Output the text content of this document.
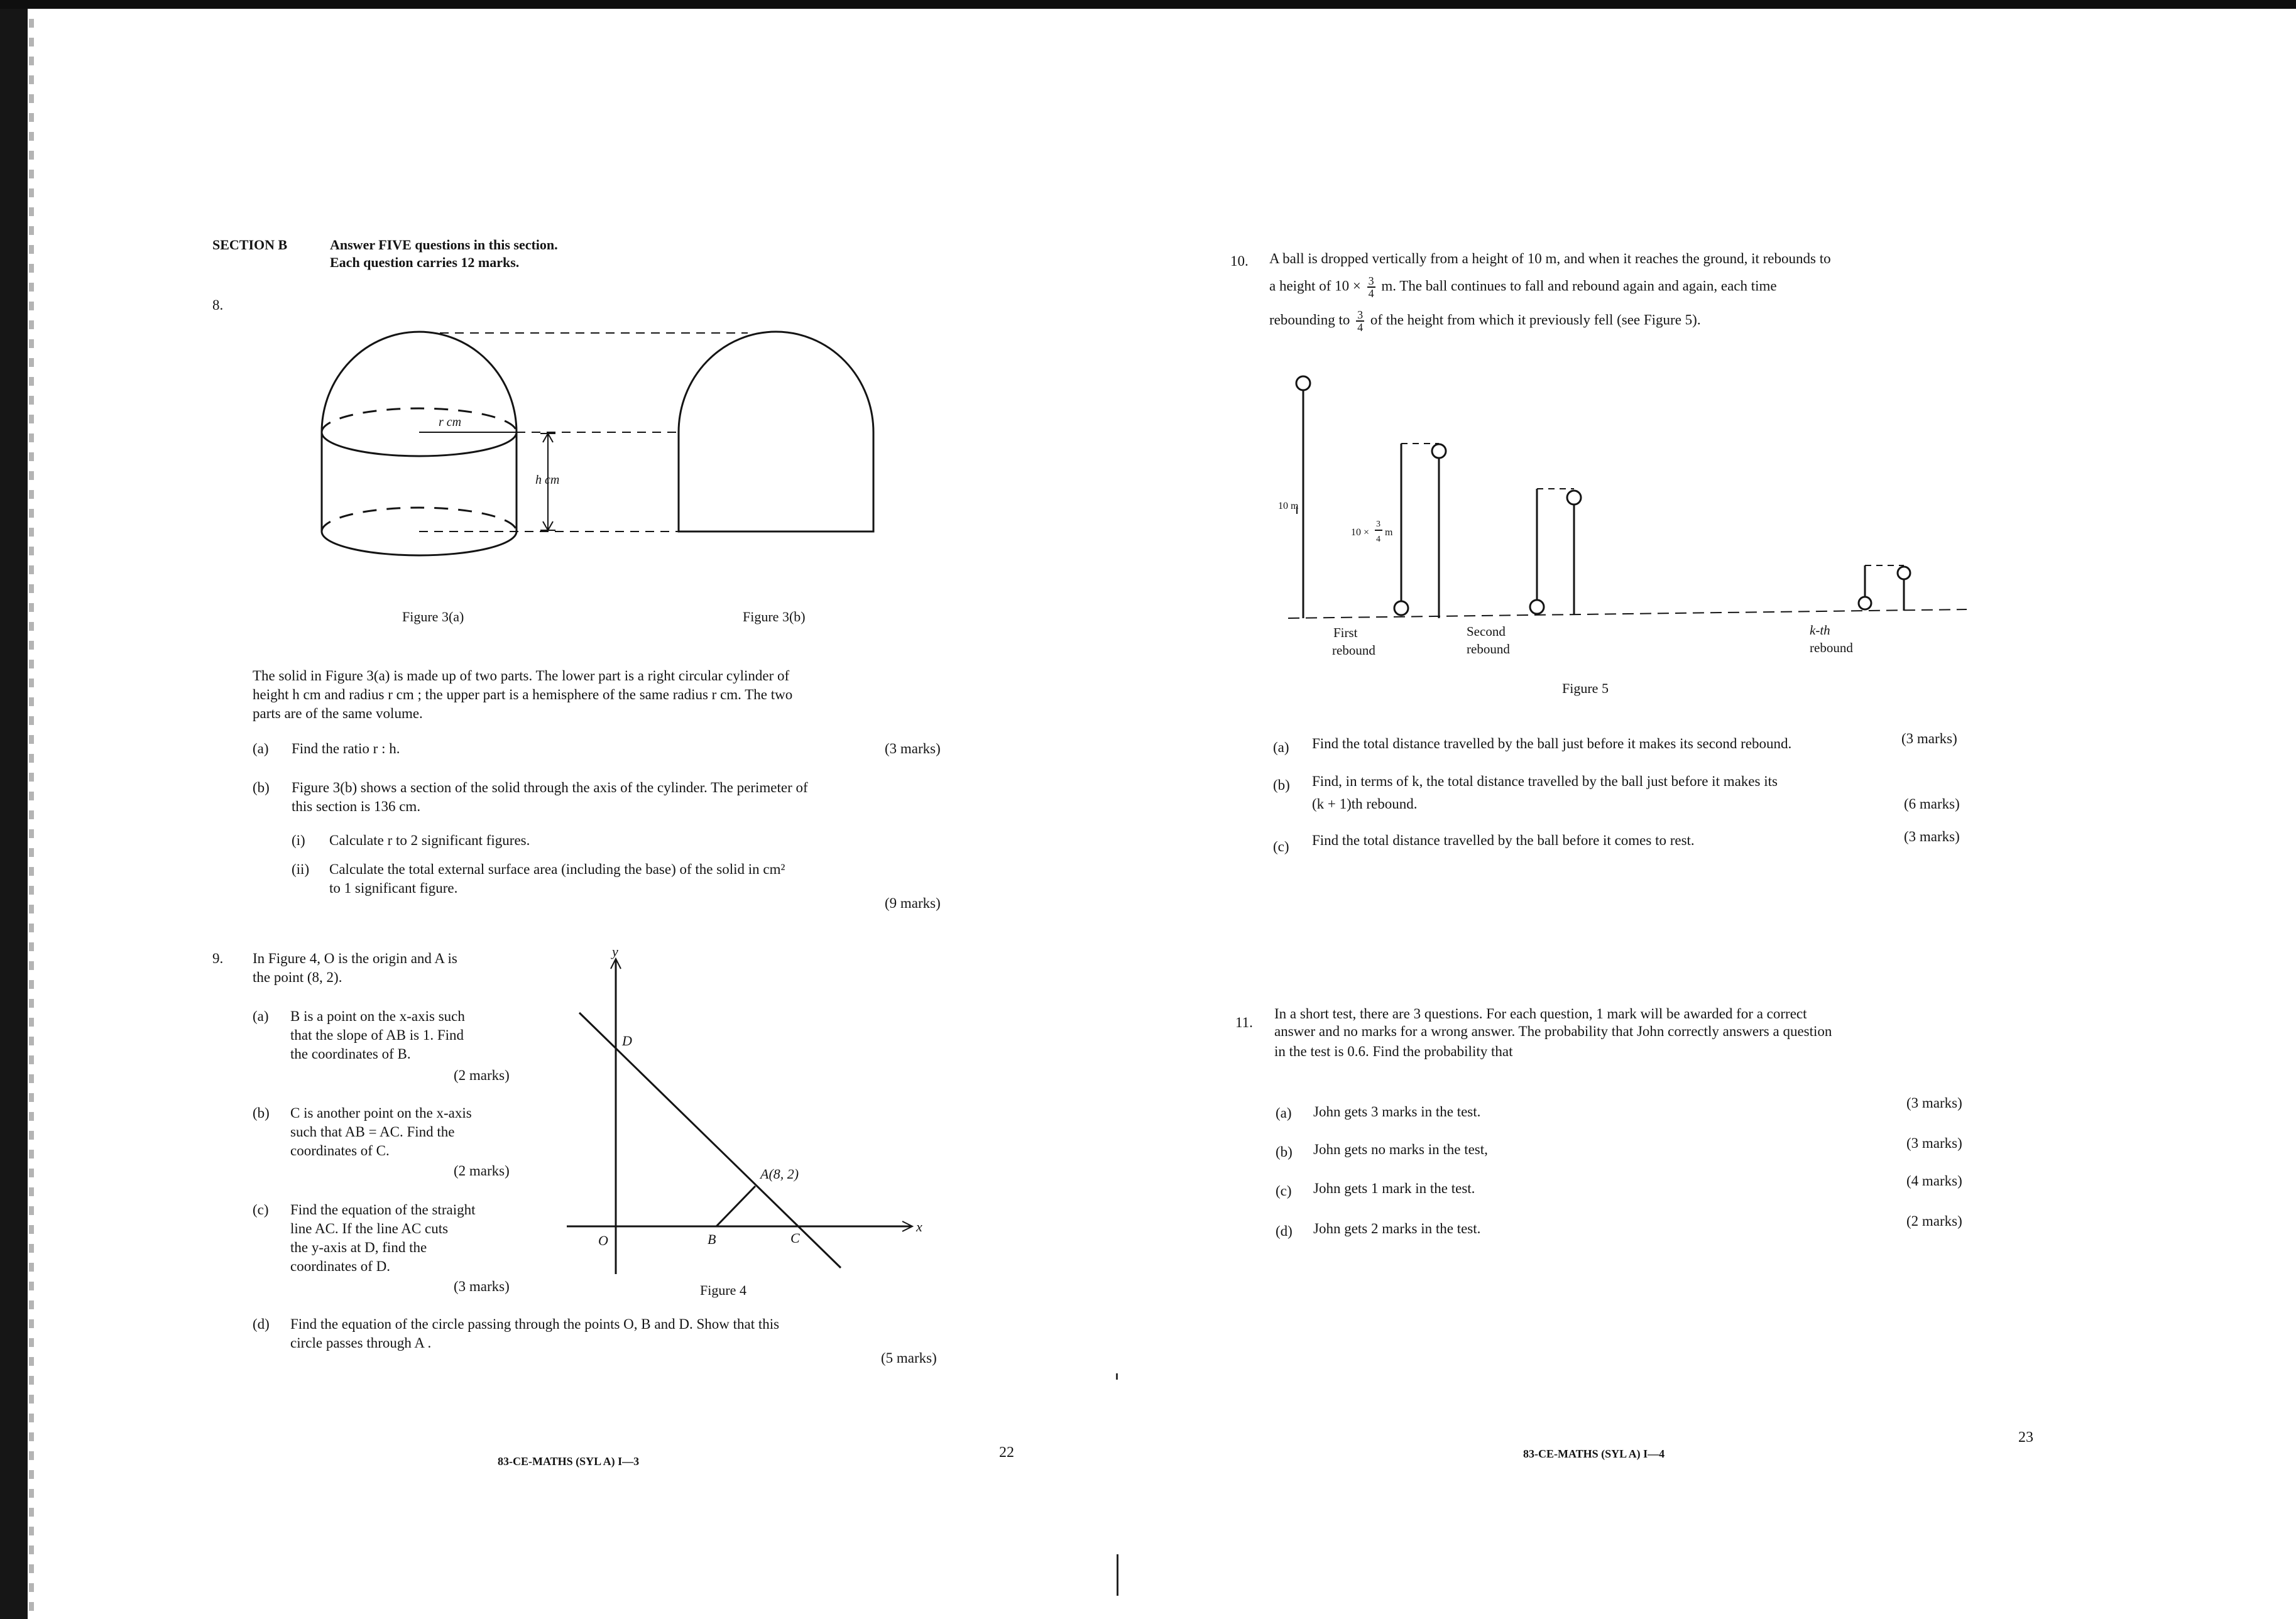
SECTION B	Answer FIVE questions in this section.
Each question carries 12 marks.
8.
r cm
h cm
Figure 3(a)	Figure 3(b)
The solid in Figure 3(a) is made up of two parts. The lower part is a right circular cylinder of
height h cm and radius r cm ; the upper part is a hemisphere of the same radius r cm. The two
parts are of the same volume.
(a) Find the ratio r : h.	(3 marks)
(b) Figure 3(b) shows a section of the solid through the axis of the cylinder. The perimeter of
this section is 136 cm.
(i) Calculate r to 2 significant figures.
(ii) Calculate the total external surface area (including the base) of the solid in cm²
to 1 significant figure.
(9 marks)
9. In Figure 4, O is the origin and A is
the point (8, 2).
(a) B is a point on the x-axis such
that the slope of AB is 1. Find
the coordinates of B.
(2 marks)
(b) C is another point on the x-axis
such that AB = AC. Find the
coordinates of C.
(2 marks)
(c) Find the equation of the straight
line AC. If the line AC cuts
the y-axis at D, find the
coordinates of D.
(3 marks)
y
x
O	B	C
D
A(8, 2)
Figure 4
(d) Find the equation of the circle passing through the points O, B and D. Show that this
circle passes through A .
(5 marks)
83-CE-MATHS (SYL A) I—3
22
10. A ball is dropped vertically from a height of 10 m, and when it reaches the ground, it rebounds to
a height of $10 \times \frac{3}{4} m$. The ball continues to fall and rebound again and again, each time
rebounding to $\frac{3}{4}$ of the height from which it previously fell (see Figure 5).
10 m
10 ×
3
4
m
First
rebound
Second
rebound
k-th
rebound
Figure 5
(a) Find the total distance travelled by the ball just before it makes its second rebound.	(3 marks)
(b) Find, in terms of k, the total distance travelled by the ball just before it makes its
(k + 1)th rebound.	(6 marks)
(c) Find the total distance travelled by the ball before it comes to rest.	(3 marks)
11.
In a short test, there are 3 questions. For each question, 1 mark will be awarded for a correct
answer and no marks for a wrong answer. The probability that John correctly answers a question
in the test is 0.6. Find the probability that
(a) John gets 3 marks in the test.
(3 marks)
(b) John gets no marks in the test,	(3 marks)
(c) John gets 1 mark in the test.	(4 marks)
(d) John gets 2 marks in the test.	(2 marks)
83-CE-MATHS (SYL A) I—4
23
